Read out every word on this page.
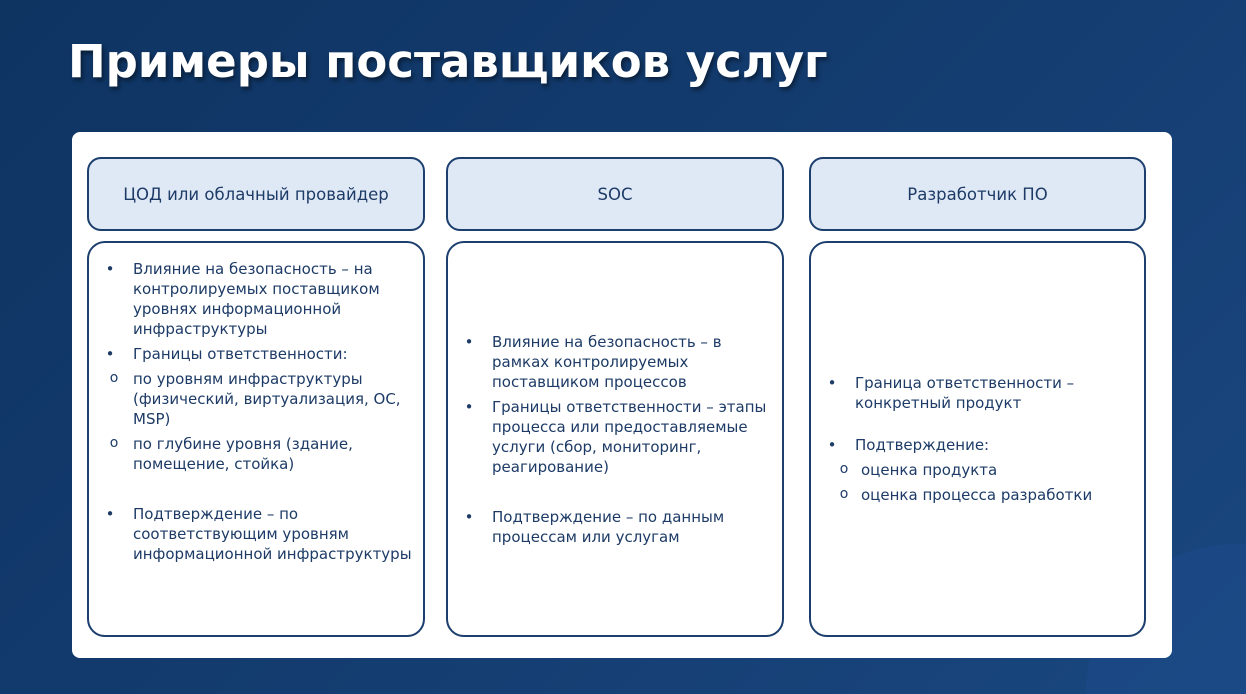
Примеры поставщиков услуг
ЦОД или облачный провайдер
• Влияние на безопасность – на контролируемых поставщиком уровнях информационной инфраструктуры
• Границы ответственности:
o по уровням инфраструктуры (физический, виртуализация, ОС, MSP)
o по глубине уровня (здание, помещение, стойка)
• Подтверждение – по соответствующим уровням информационной инфраструктуры
SOC
• Влияние на безопасность – в рамках контролируемых поставщиком процессов
• Границы ответственности – этапы процесса или предоставляемые услуги (сбор, мониторинг, реагирование)
• Подтверждение – по данным процессам или услугам
Разработчик ПО
• Граница ответственности – конкретный продукт
• Подтверждение:
o оценка продукта
o оценка процесса разработки
